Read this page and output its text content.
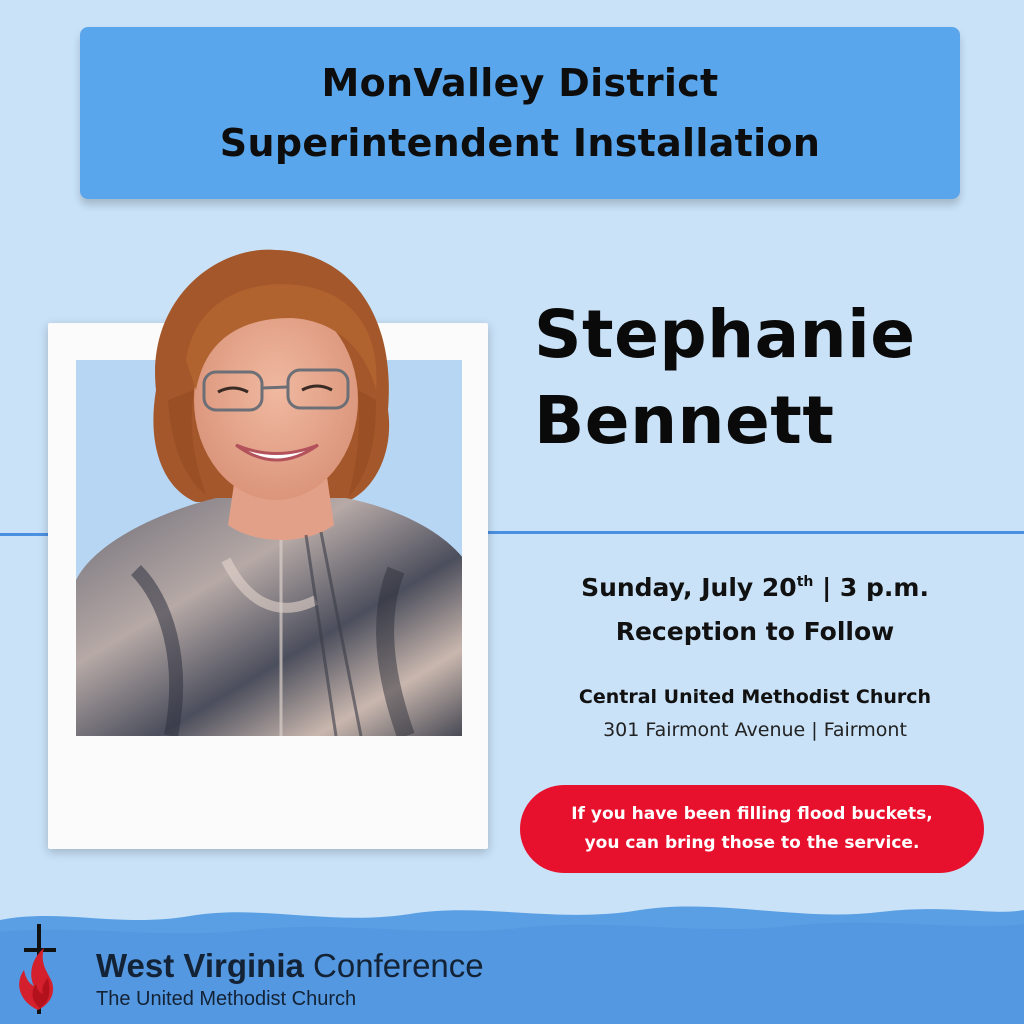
MonValley District
Superintendent Installation
Stephanie
Bennett
Sunday, July 20th | 3 p.m.
Reception to Follow
Central United Methodist Church
301 Fairmont Avenue | Fairmont
If you have been filling flood buckets,
you can bring those to the service.
West Virginia Conference
The United Methodist Church
